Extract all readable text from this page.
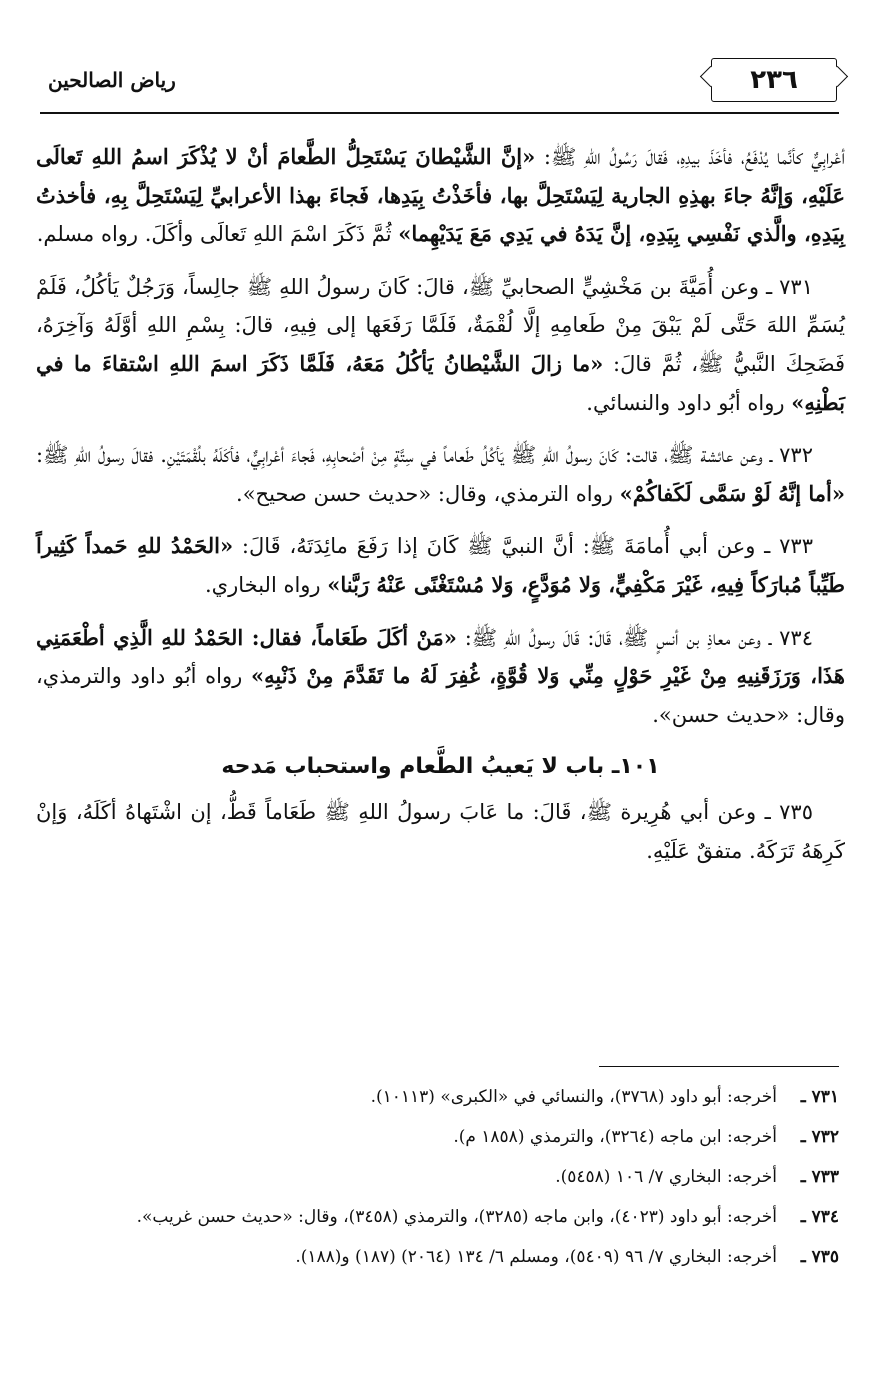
٢٣٦
رياض الصالحين

أعْرابِيٌّ كأنَّما يُدْفَعُ، فأخَذَ بيدِهِ، فَقالَ رَسُولُ اللهِ ﷺ: «إنَّ الشَّيْطانَ يَسْتَحِلُّ الطَّعامَ أنْ لا يُذْكَرَ اسمُ اللهِ تَعالَى عَلَيْهِ، وَإنَّهُ جاءَ بهذِهِ الجارية لِيَسْتَحِلَّ بها، فأخَذْتُ بِيَدِها، فَجاءَ بهذا الأعرابيِّ لِيَسْتَحِلَّ بِهِ، فأخذتُ بِيَدِهِ، والَّذي نَفْسِي بِيَدِهِ، إنَّ يَدَهُ في يَدِي مَعَ يَدَيْهِما» ثُمَّ ذَكَرَ اسْمَ اللهِ تَعالَى وأكَلَ. رواه مسلم.

٧٣١ ـ وعن أُمَيَّةَ بن مَخْشِيٍّ الصحابيِّ ﷺ، قالَ: كَانَ رسولُ اللهِ ﷺ جالِساً، وَرَجُلٌ يَأكُلُ، فَلَمْ يُسَمِّ اللهَ حَتَّى لَمْ يَبْقَ مِنْ طَعامِهِ إلَّا لُقْمَةٌ، فَلَمَّا رَفَعَها إلى فِيهِ، قالَ: بِسْمِ اللهِ أوَّلَهُ وَآخِرَهُ، فَضَحِكَ النَّبيُّ ﷺ، ثُمَّ قالَ: «ما زالَ الشَّيْطانُ يَأكُلُ مَعَهُ، فَلَمَّا ذَكَرَ اسمَ اللهِ اسْتقاءَ ما في بَطْنِهِ» رواه أبُو داود والنسائي.

٧٣٢ ـ وعن عائشة ﷺ، قالت: كَانَ رسولُ اللهِ ﷺ يَأكُلُ طَعاماً في سِتَّةٍ مِنْ أصْحابِهِ، فَجاءَ أعْرابِيٌّ، فأكَلَهُ بلُقْمَتَيْنِ. فقالَ رسولُ اللهِ ﷺ: «أما إنَّهُ لَوْ سَمَّى لَكَفاكُمْ» رواه الترمذي، وقال: «حديث حسن صحيح».

٧٣٣ ـ وعن أبي أُمامَةَ ﷺ: أنَّ النبيَّ ﷺ كَانَ إذا رَفَعَ مائِدَتَهُ، قَالَ: «الحَمْدُ للهِ حَمداً كَثِيراً طَيِّباً مُبارَكاً فِيهِ، غَيْرَ مَكْفِيٍّ، وَلا مُوَدَّعٍ، وَلا مُسْتَغْنًى عَنْهُ رَبَّنا» رواه البخاري.

٧٣٤ ـ وعن معاذِ بن أنسٍ ﷺ، قَالَ: قَالَ رسولُ اللهِ ﷺ: «مَنْ أكَلَ طَعَاماً، فقال: الحَمْدُ للهِ الَّذِي أطْعَمَنِي هَذَا، وَرَزَقَنِيهِ مِنْ غَيْرِ حَوْلٍ مِنِّي وَلا قُوَّةٍ، غُفِرَ لَهُ ما تَقَدَّمَ مِنْ ذَنْبِهِ» رواه أبُو داود والترمذي، وقال: «حديث حسن».

١٠١ـ باب لا يَعيبُ الطَّعام واستحباب مَدحه

٧٣٥ ـ وعن أبي هُرِيرة ﷺ، قَالَ: ما عَابَ رسولُ اللهِ ﷺ طَعَاماً قَطُّ، إن اشْتَهاهُ أكَلَهُ، وَإنْ كَرِهَهُ تَرَكَهُ. متفقٌ عَلَيْهِ.

٧٣١ ـ
أخرجه: أبو داود (٣٧٦٨)، والنسائي في «الكبرى» (١٠١١٣).
٧٣٢ ـ
أخرجه: ابن ماجه (٣٢٦٤)، والترمذي (١٨٥٨ م).
٧٣٣ ـ
أخرجه: البخاري ٧/ ١٠٦ (٥٤٥٨).
٧٣٤ ـ
أخرجه: أبو داود (٤٠٢٣)، وابن ماجه (٣٢٨٥)، والترمذي (٣٤٥٨)، وقال: «حديث حسن غريب».
٧٣٥ ـ
أخرجه: البخاري ٧/ ٩٦ (٥٤٠٩)، ومسلم ٦/ ١٣٤ (٢٠٦٤) (١٨٧) و(١٨٨).
